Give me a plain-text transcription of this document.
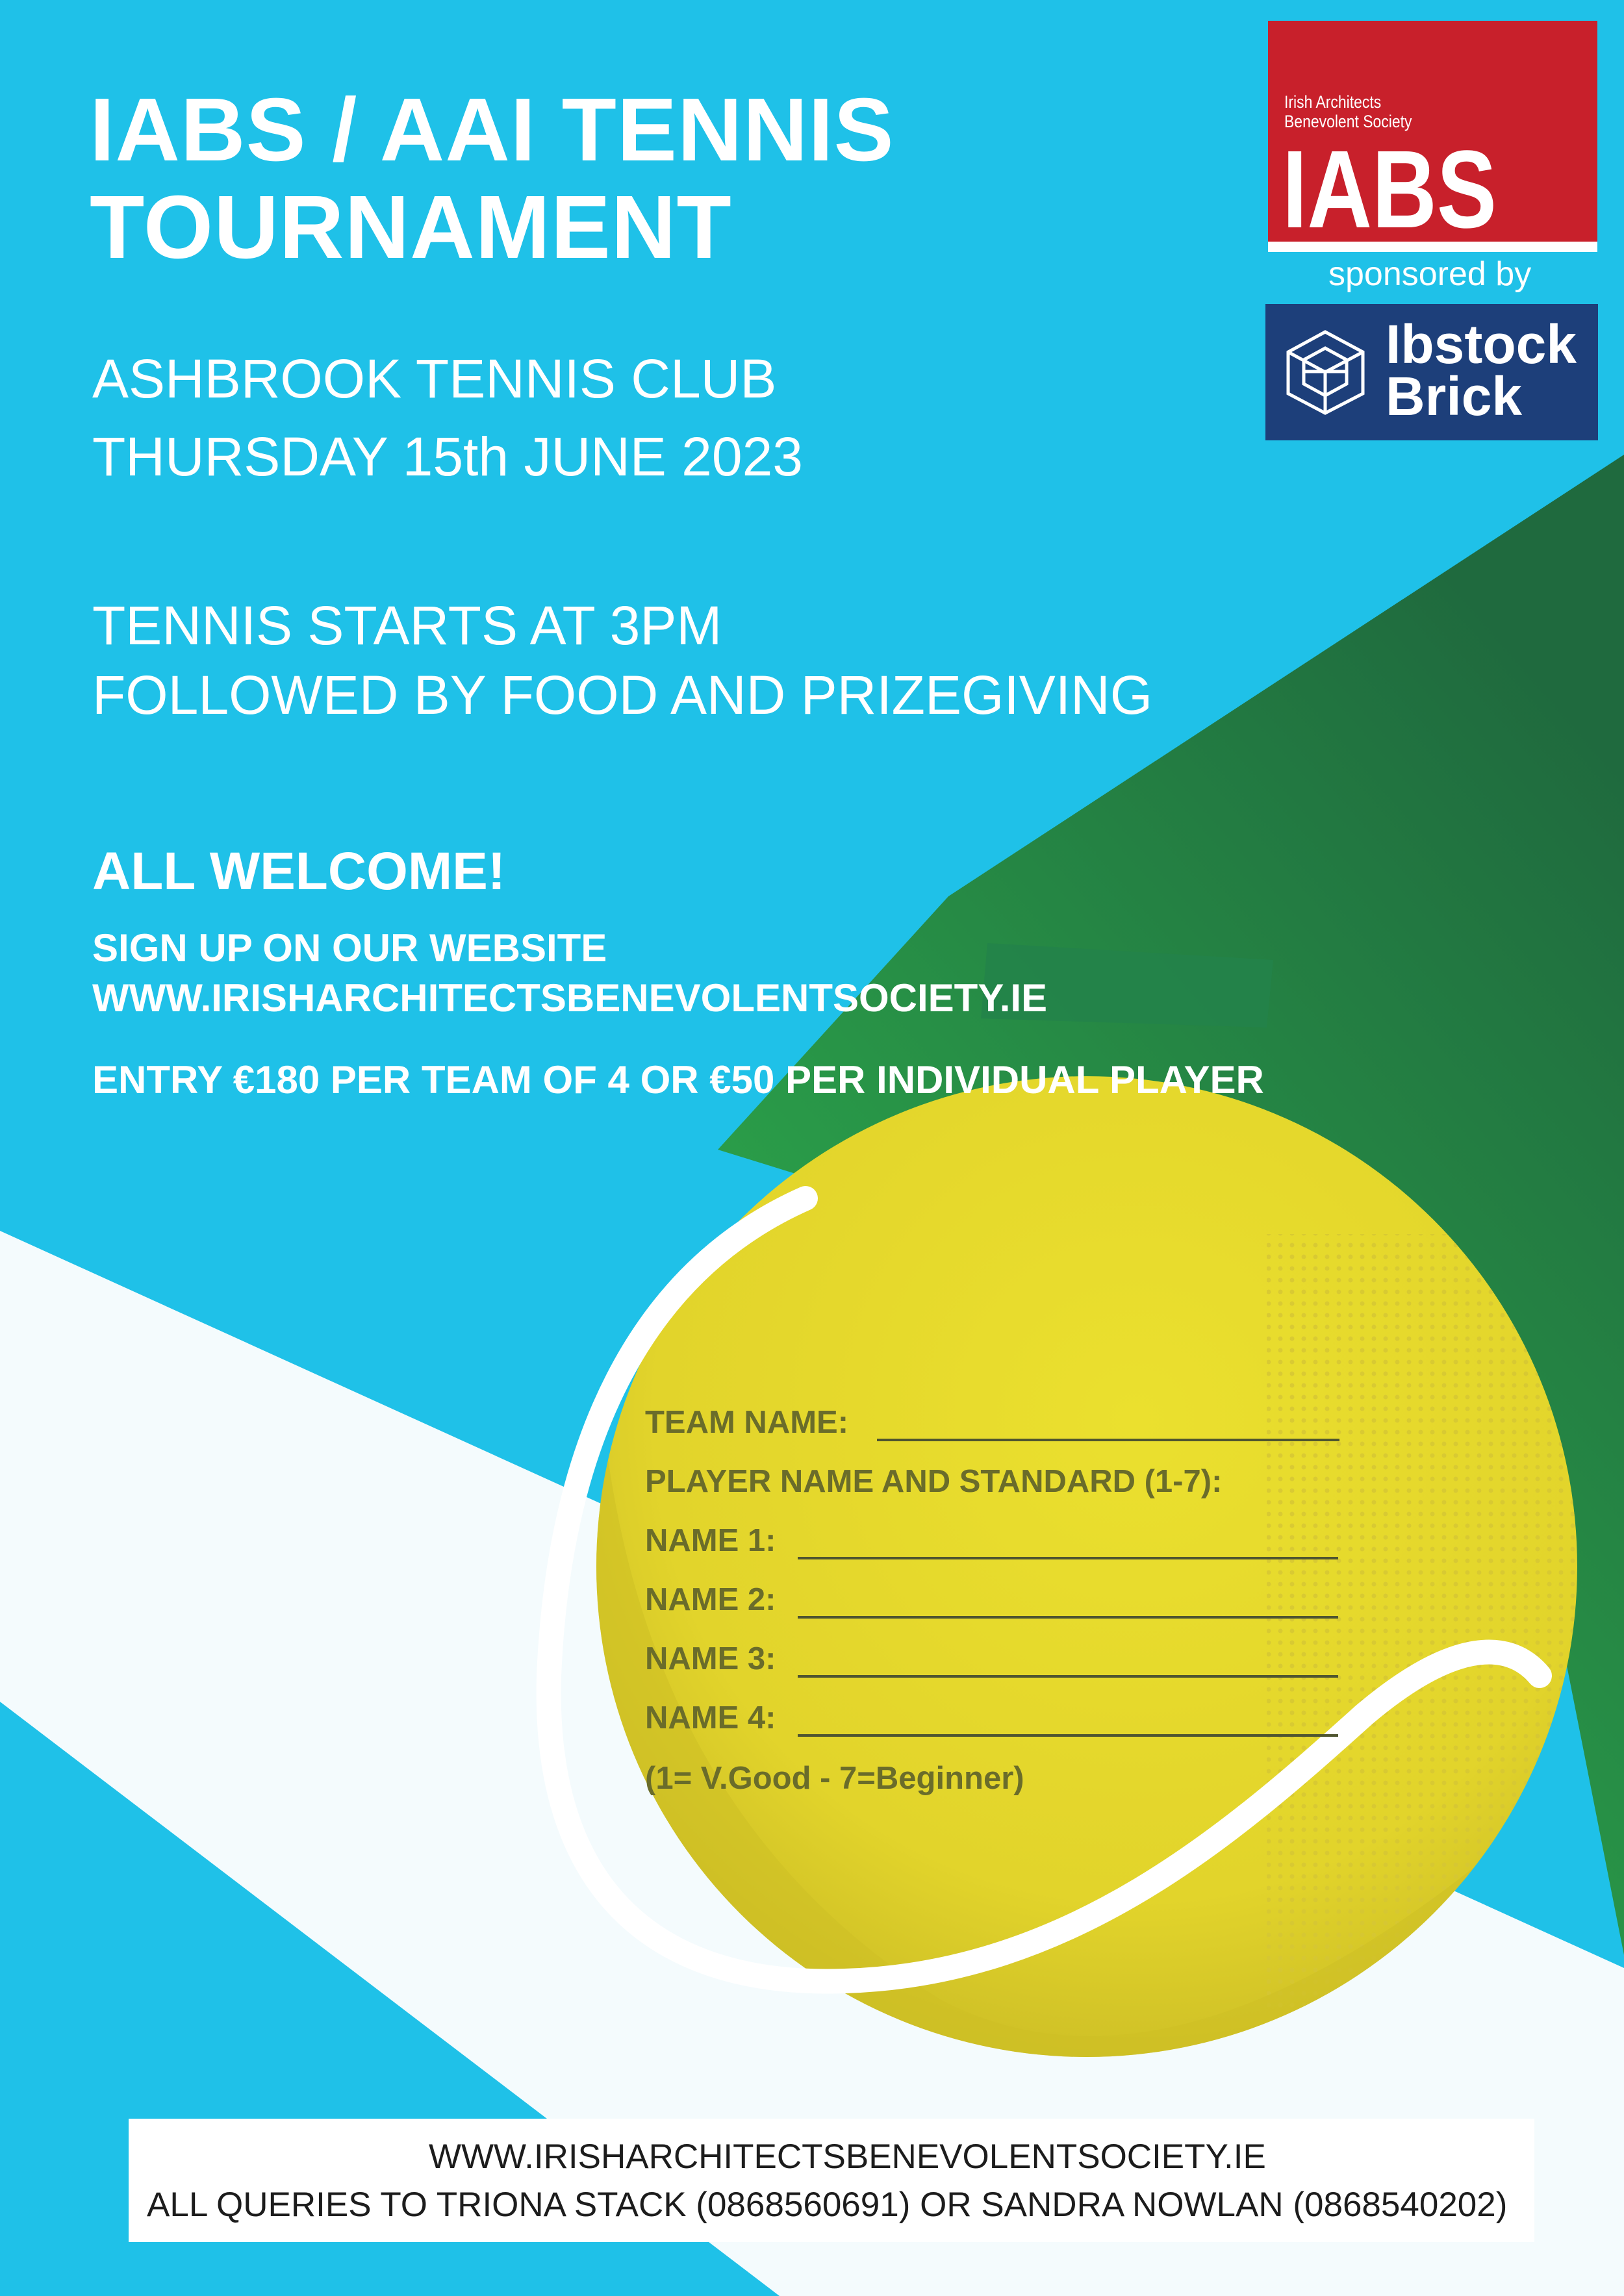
IABS / AAI TENNIS
TOURNAMENT
ASHBROOK TENNIS CLUB
THURSDAY 15th JUNE 2023
TENNIS STARTS AT 3PM
FOLLOWED BY FOOD AND PRIZEGIVING
ALL WELCOME!
SIGN UP ON OUR WEBSITE
WWW.IRISHARCHITECTSBENEVOLENTSOCIETY.IE
ENTRY €180 PER TEAM OF 4 OR €50 PER INDIVIDUAL PLAYER
Irish Architects
Benevolent Society
IABS
sponsored by
Ibstock
Brick
TEAM NAME:
PLAYER NAME AND STANDARD (1-7):
NAME 1:
NAME 2:
NAME 3:
NAME 4:
(1= V.Good - 7=Beginner)
WWW.IRISHARCHITECTSBENEVOLENTSOCIETY.IE
ALL QUERIES TO TRIONA STACK (0868560691) OR SANDRA NOWLAN (0868540202)
